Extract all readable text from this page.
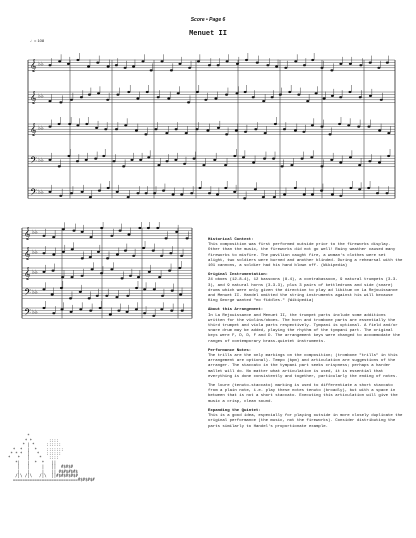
Score • Page 6
Menuet II
♩= 108
𝄞 ♭♭
𝄞 ♭♭
𝄞 ♭♭
𝄢 ♭♭
𝄢 ♭♭
𝄞 ♭♭
𝄞 ♭♭
𝄞 ♭♭
𝄢 ♭♭
𝄢 ♭♭

Historical Context:

This composition was first performed outside prior to the fireworks display. Other than the music, the fireworks did not go well! Rainy weather caused many fireworks to misfire. The pavilion caught fire, a woman's clothes were set alight, two soldiers were burned and another blinded. During a rehearsal with the 101 cannons, a soldier had his hand blown off. (Wikipedia)

Original Instrumentation:

24 oboes (12-8-4), 12 bassoons (8-4), a contrabassoon, 9 natural trumpets (3-3-3), and 9 natural horns (3-3-3), plus 3 pairs of kettledrums and side (snare) drums which were only given the direction to play ad libitum on La Rejouissance and Menuet II. Handel omitted the string instruments against his will because King George wanted "no fiddles." (Wikipedia)

About this Arrangement:

In La Rejouissance and Menuet II, the trumpet parts include some additions written for the violins/oboes. The horn and trombone parts are essentially the third trumpet and viola parts respectively. Tympani is optional. A field and/or snare drum may be added, playing the rhythm of the tympani part. The original keys were F, D, D, F and D. The arrangement keys were changed to accommodate the ranges of contemporary brass-quintet instruments.

Performance Notes:

The trills are the only markings on the composition; (trombone "trills" in this arrangement are optional). Tempo (bpm) and articulation are suggestions of the arranger. The staccato in the tympani part seeks crispness; perhaps a harder mallet will do. No matter what articulation is used, it is essential that everything is done consistently and together, particularly the ending of notes.

The loure (tenuto-staccato) marking is used to differentiate a short staccato from a plain note, i.e. play these notes tenuto (broadly), but with a space in between that is not a short staccato. Executing this articulation will give the music a crisp, clean sound.

Expanding the Quintet:

This is a good idea, especially for playing outside in more closely duplicate the original performance (the music, not the fireworks). Consider distributing the parts similarly to Handel's proportionate example.

*
* *       ::::
* | *     ::::::
*  *  |  *    :::::::
* * *  |   *   ::::::
*   *   |    *   ::::
*|   |  *  *   ||
|   |     |   ||  #$#$#
|   |     |   || #$#$#$#$
/|\ /|\   /|\  ||#$#$#$#$#
===========================#$#$#$#
